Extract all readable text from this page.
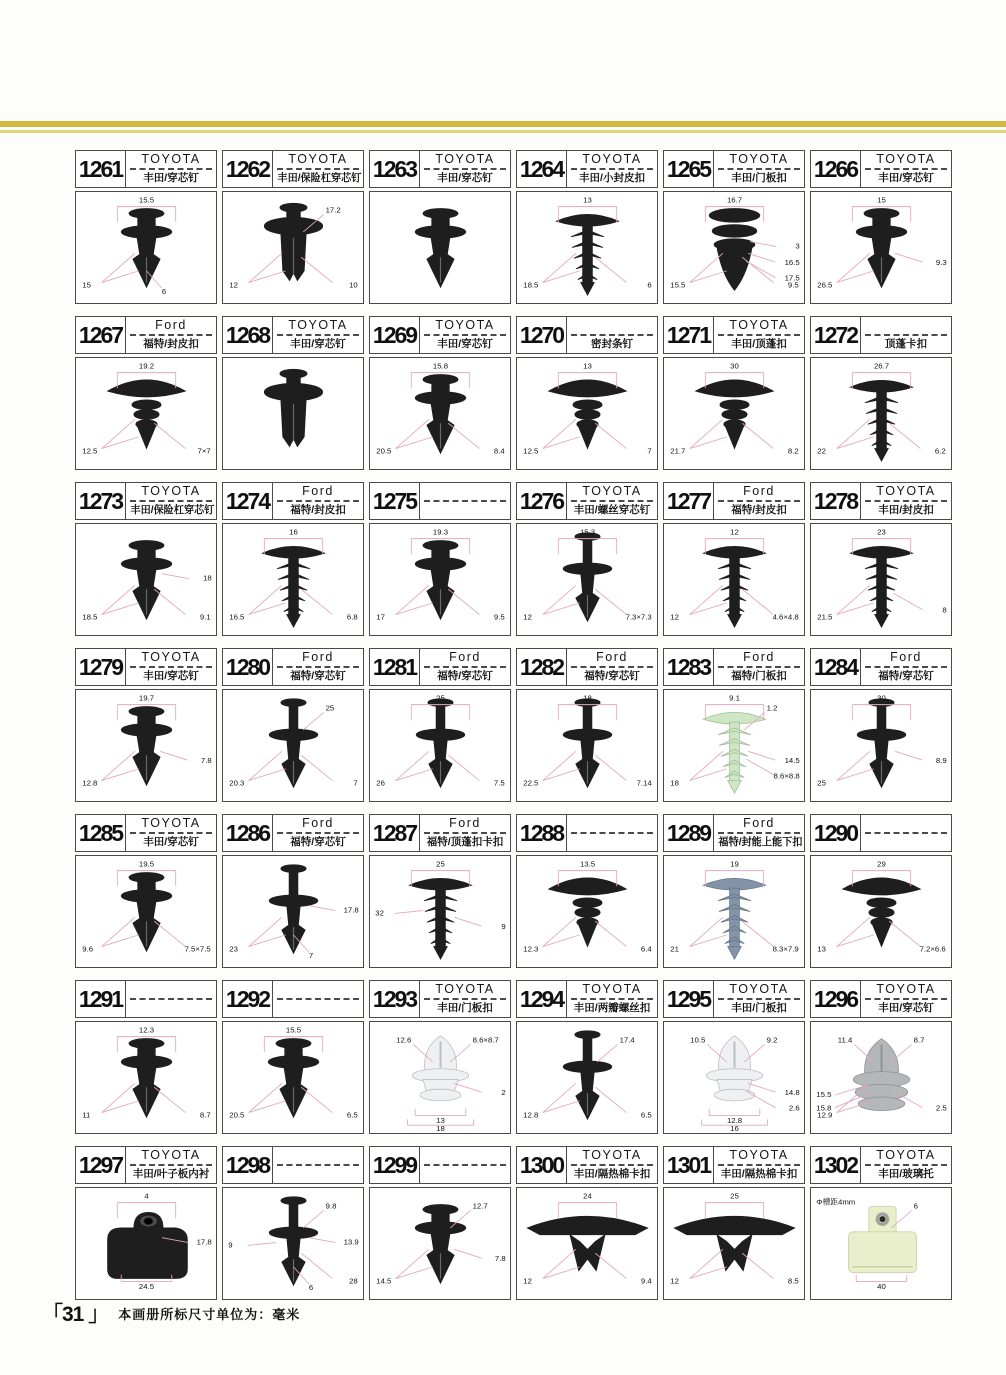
1261	TOYOTA
丰田/穿芯钉
15.5
15
6
1262	TOYOTA
丰田/保险杠穿芯钉
17.2
12	10
1263	TOYOTA
丰田/穿芯钉	1264	TOYOTA
丰田/小封皮扣
13
6
18.5
1265	TOYOTA
丰田/门板扣
16.7
3
16.5
17.5
15.5	9.5
1266	TOYOTA
丰田/穿芯钉
15
9.3
26.5
1267	Ford
福特/封皮扣
19.2
12.5	7×7
1268	TOYOTA
丰田/穿芯钉	1269	TOYOTA
丰田/穿芯钉
15.8
20.5	8.4
1270	密封条钉
13
12.5	7
1271	TOYOTA
丰田/顶蓬扣
30
21.7	8.2
1272	顶蓬卡扣
26.7
22	6.2
1273	TOYOTA
丰田/保险杠穿芯钉
18
18.5	9.1
1274	Ford
福特/封皮扣
16
16.5	6.8
1275
19.3
17	9.5
1276	TOYOTA
丰田/螺丝穿芯钉
15.3
12	7.3×7.3
1277	Ford
福特/封皮扣
12
12	4.6×4.8
1278	TOYOTA
丰田/封皮扣
23
21.5
8
1279	TOYOTA
丰田/穿芯钉
19.7
12.8
7.8
1280	Ford
福特/穿芯钉
25
20.3	7
1281	Ford
福特/穿芯钉
25
26	7.5
1282	Ford
福特/穿芯钉
18
22.5	7.14
1283	Ford
福特/门板扣
9.1
1.2
14.5
8.6×8.8
18
1284	Ford
福特/穿芯钉
30
25
8.9
1285	TOYOTA
丰田/穿芯钉
19.5
9.6	7.5×7.5
1286	Ford
福特/穿芯钉
17.8
23
7
1287	Ford
福特/顶蓬扣卡扣
25
32
9
1288
13.5
12.3	6.4
1289	Ford
福特/封能上能下扣
19
21	8.3×7.9
1290
29
13	7.2×6.6
1291
12.3
11	8.7
1292
15.5
20.5	6.5
1293	TOYOTA
丰田/门板扣
12.6	8.6×8.7
2
13
18
1294	TOYOTA
丰田/两瓣螺丝扣
17.4
12.8	6.5
1295	TOYOTA
丰田/门板扣
10.5	9.2
14.8
2.6
12.8
16
1296	TOYOTA
丰田/穿芯钉
11.4	8.7
15.5
15.8
12.9
2.5
1297	TOYOTA
丰田/叶子板内衬
4
17.8
24.5
1298
9.8
13.9
9
6
28
1299
12.7
7.8
14.5
1300	TOYOTA
丰田/隔热棉卡扣
24
12	9.4
1301	TOYOTA
丰田/隔热棉卡扣
25
12	8.5
1302	TOYOTA
丰田/玻璃托
Φ槽距4mm	6
40
「31 」 本画册所标尺寸单位为：毫米
